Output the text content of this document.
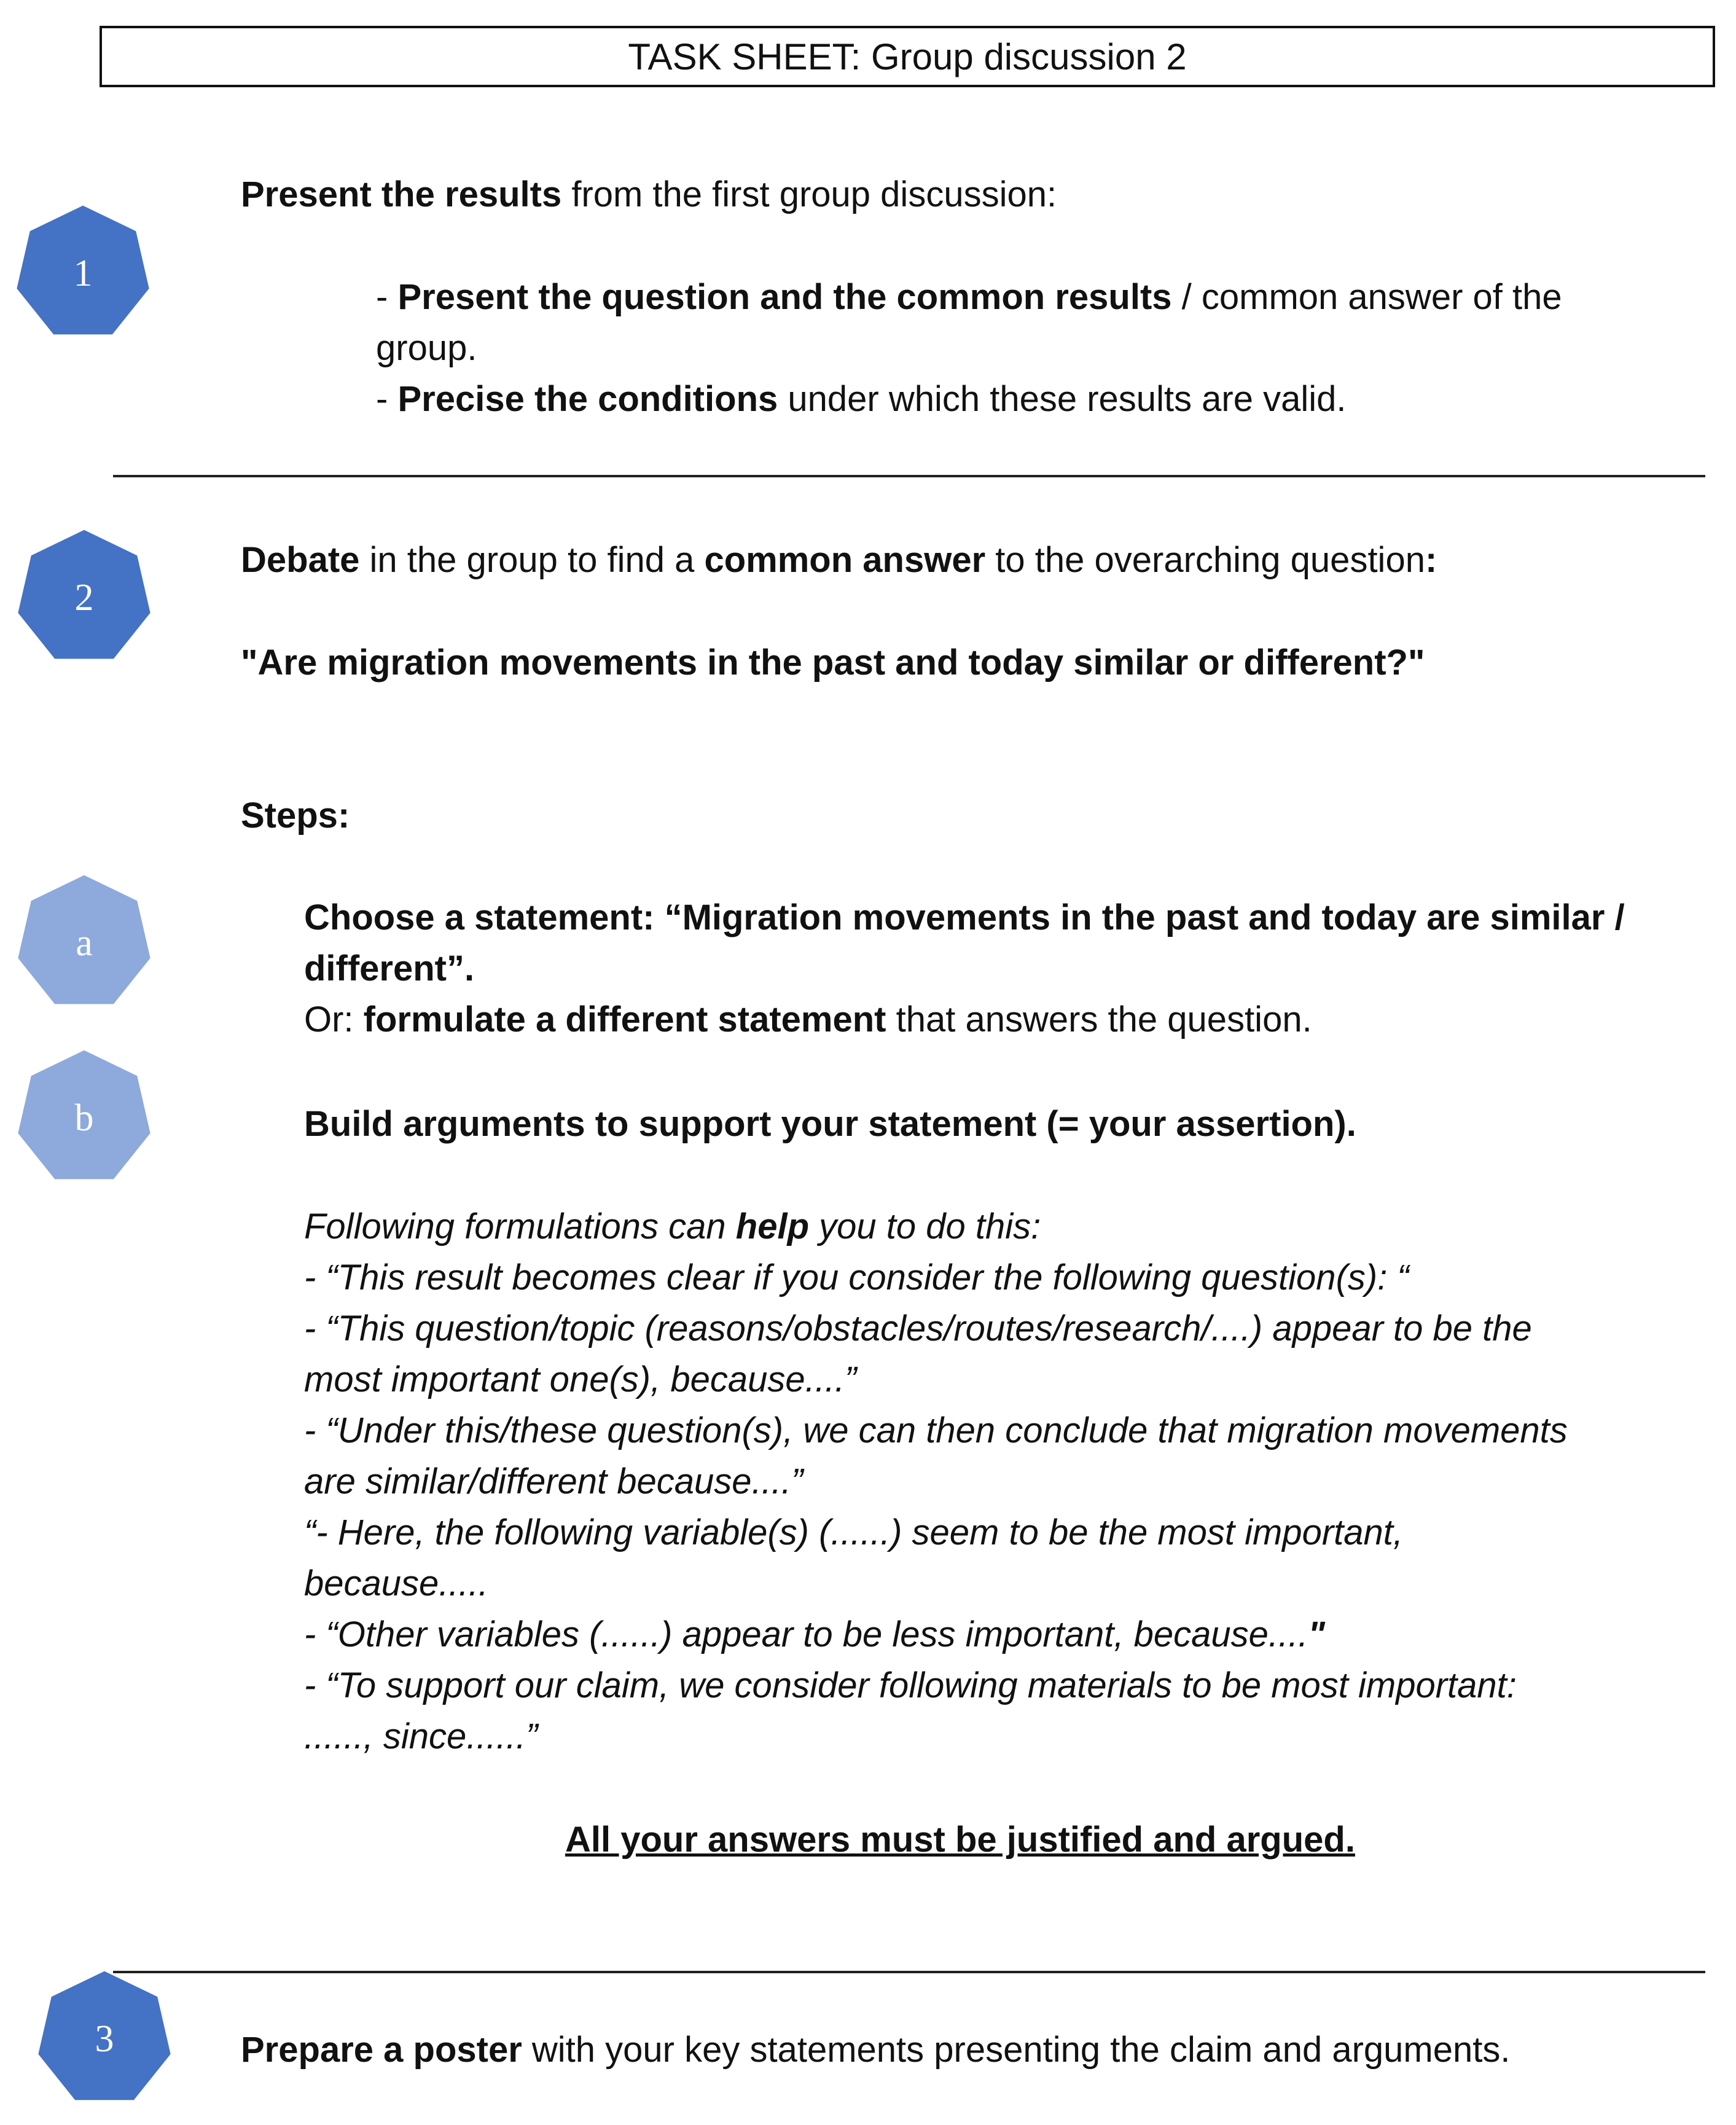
TASK SHEET: Group discussion 2
1
Present the results from the first group discussion:
- Present the question and the common results / common answer of the
group.
- Precise the conditions under which these results are valid.
2
Debate in the group to find a common answer to the overarching question:
"Are migration movements in the past and today similar or different?"
Steps:
a
Choose a statement: “Migration movements in the past and today are similar /
different”.
Or: formulate a different statement that answers the question.
b	Build arguments to support your statement (= your assertion).
Following formulations can help you to do this:
- “This result becomes clear if you consider the following question(s): “
- “This question/topic (reasons/obstacles/routes/research/....) appear to be the
most important one(s), because....”
- “Under this/these question(s), we can then conclude that migration movements
are similar/different because....”
“- Here, the following variable(s) (......) seem to be the most important,
because.....
- “Other variables (......) appear to be less important, because...."
- “To support our claim, we consider following materials to be most important:
......, since......”
All your answers must be justified and argued.
3	Prepare a poster with your key statements presenting the claim and arguments.
